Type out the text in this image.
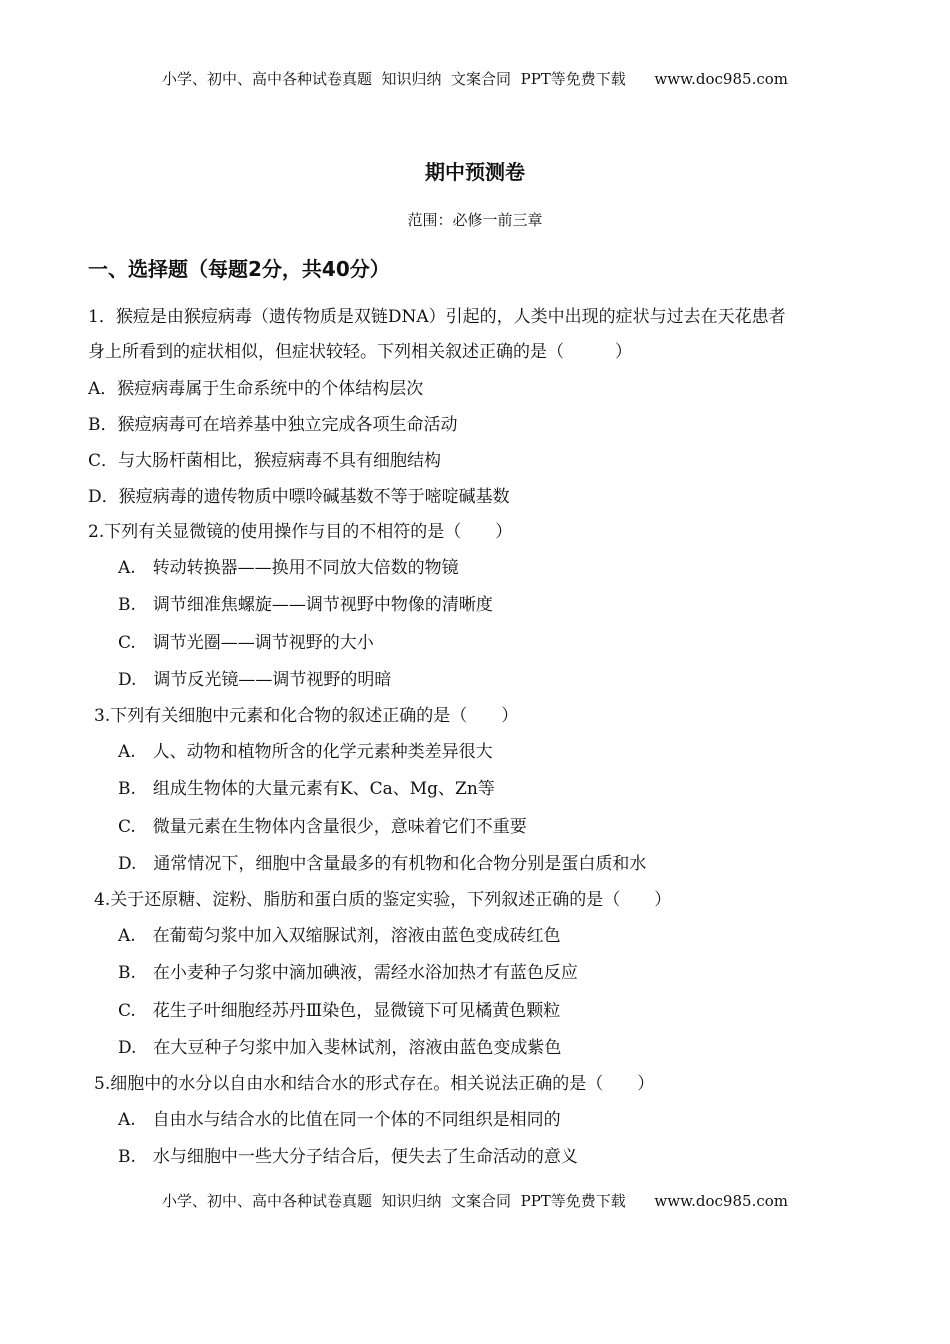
小学、初中、高中各种试卷真题  知识归纳  文案合同  PPT等免费下载      www.doc985.com
期中预测卷
范围：必修一前三章
一、选择题（每题2分，共40分）
1．猴痘是由猴痘病毒（遗传物质是双链DNA）引起的，人类中出现的症状与过去在天花患者
身上所看到的症状相似，但症状较轻。下列相关叙述正确的是（　　　）
A．猴痘病毒属于生命系统中的个体结构层次
B．猴痘病毒可在培养基中独立完成各项生命活动
C．与大肠杆菌相比，猴痘病毒不具有细胞结构
D．猴痘病毒的遗传物质中嘌呤碱基数不等于嘧啶碱基数
2.下列有关显微镜的使用操作与目的不相符的是（　　）
A.　转动转换器——换用不同放大倍数的物镜
B.　调节细准焦螺旋——调节视野中物像的清晰度
C.　调节光圈——调节视野的大小
D.　调节反光镜——调节视野的明暗
3.下列有关细胞中元素和化合物的叙述正确的是（　　）
A.　人、动物和植物所含的化学元素种类差异很大
B.　组成生物体的大量元素有K、Ca、Mg、Zn等
C.　微量元素在生物体内含量很少，意味着它们不重要
D.　通常情况下，细胞中含量最多的有机物和化合物分别是蛋白质和水
4.关于还原糖、淀粉、脂肪和蛋白质的鉴定实验，下列叙述正确的是（　　）
A.　在葡萄匀浆中加入双缩脲试剂，溶液由蓝色变成砖红色
B.　在小麦种子匀浆中滴加碘液，需经水浴加热才有蓝色反应
C.　花生子叶细胞经苏丹Ⅲ染色，显微镜下可见橘黄色颗粒
D.　在大豆种子匀浆中加入斐林试剂，溶液由蓝色变成紫色
5.细胞中的水分以自由水和结合水的形式存在。相关说法正确的是（　　）
A.　自由水与结合水的比值在同一个体的不同组织是相同的
B.　水与细胞中一些大分子结合后，便失去了生命活动的意义
小学、初中、高中各种试卷真题  知识归纳  文案合同  PPT等免费下载      www.doc985.com
